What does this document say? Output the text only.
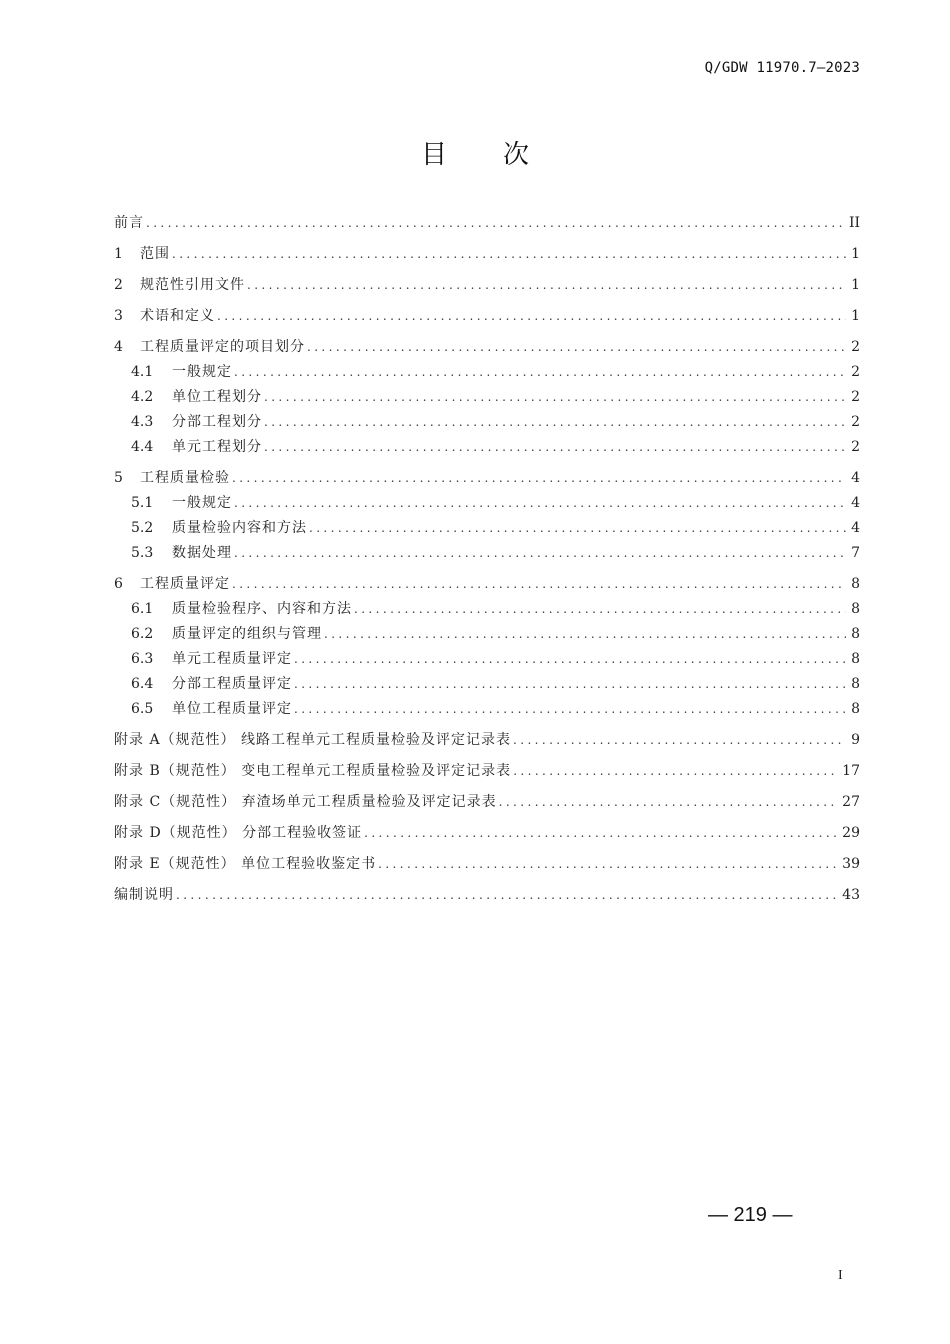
Q/GDW 11970.7—2023
目 次
前言 .....	II
1	范围 .....	1
2	规范性引用文件 .....	1
3	术语和定义 .....	1
4	工程质量评定的项目划分 .....	2
4.1	一般规定 .....	2
4.2	单位工程划分 .....	2
4.3	分部工程划分 .....	2
4.4	单元工程划分 .....	2
5	工程质量检验 .....	4
5.1	一般规定 .....	4
5.2	质量检验内容和方法 .....	4
5.3	数据处理 .....	7
6	工程质量评定 .....	8
6.1	质量检验程序、内容和方法 .....	8
6.2	质量评定的组织与管理 .....	8
6.3	单元工程质量评定 .....	8
6.4	分部工程质量评定 .....	8
6.5	单位工程质量评定 .....	8
附录 A（规范性） 线路工程单元工程质量检验及评定记录表 .....	9
附录 B（规范性） 变电工程单元工程质量检验及评定记录表 .....	17
附录 C（规范性） 弃渣场单元工程质量检验及评定记录表 .....	27
附录 D（规范性） 分部工程验收签证 .....	29
附录 E（规范性） 单位工程验收鉴定书 .....	39
编制说明 .....	43
— 219 —
I
